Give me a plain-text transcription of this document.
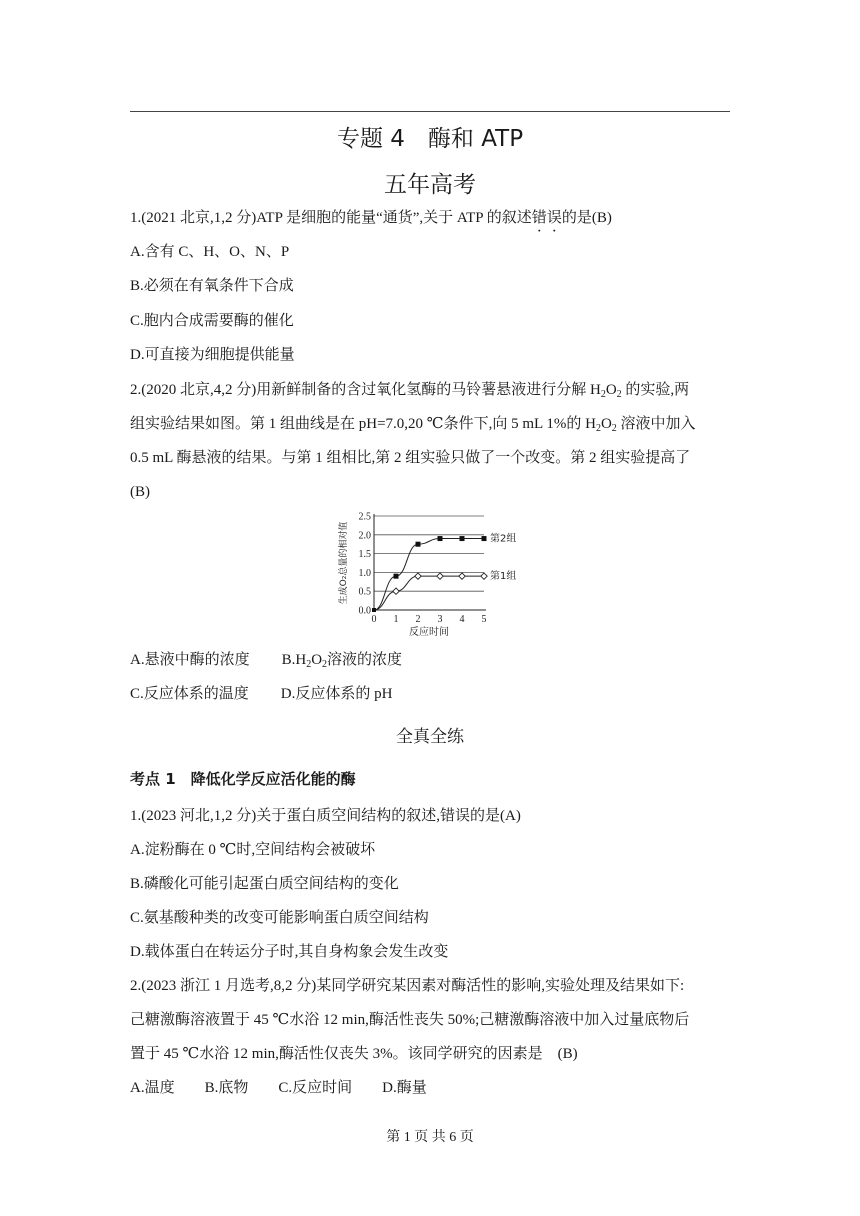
专题 4　酶和 ATP
五年高考
1.(2021 北京,1,2 分)ATP 是细胞的能量“通货”,关于 ATP 的叙述错误的是(B)
A.含有 C、H、O、N、P
B.必须在有氧条件下合成
C.胞内合成需要酶的催化
D.可直接为细胞提供能量
2.(2020 北京,4,2 分)用新鲜制备的含过氧化氢酶的马铃薯悬液进行分解 $H_2O_2$ 的实验,两
组实验结果如图。第 1 组曲线是在 pH=7.0,20 ℃条件下,向 5 mL 1%的 $H_2O_2$ 溶液中加入
0.5 mL 酶悬液的结果。与第 1 组相比,第 2 组实验只做了一个改变。第 2 组实验提高了
(B)
0.0
0.5
1.0
1.5
2.0
2.5
0 1 2 3 4 5
反应时间
生成O₂总量的相对值	第2组
第1组
A.悬液中酶的浓度 $B.H_2O_2$溶液的浓度
C.反应体系的温度 D.反应体系的 pH
全真全练
考点 1　降低化学反应活化能的酶
1.(2023 河北,1,2 分)关于蛋白质空间结构的叙述,错误的是(A)
A.淀粉酶在 0 ℃时,空间结构会被破坏
B.磷酸化可能引起蛋白质空间结构的变化
C.氨基酸种类的改变可能影响蛋白质空间结构
D.载体蛋白在转运分子时,其自身构象会发生改变
2.(2023 浙江 1 月选考,8,2 分)某同学研究某因素对酶活性的影响,实验处理及结果如下:
己糖激酶溶液置于 45 ℃水浴 12 min,酶活性丧失 50%;己糖激酶溶液中加入过量底物后
置于 45 ℃水浴 12 min,酶活性仅丧失 3%。该同学研究的因素是　(B)
A.温度 B.底物 C.反应时间 D.酶量
第 1 页 共 6 页
